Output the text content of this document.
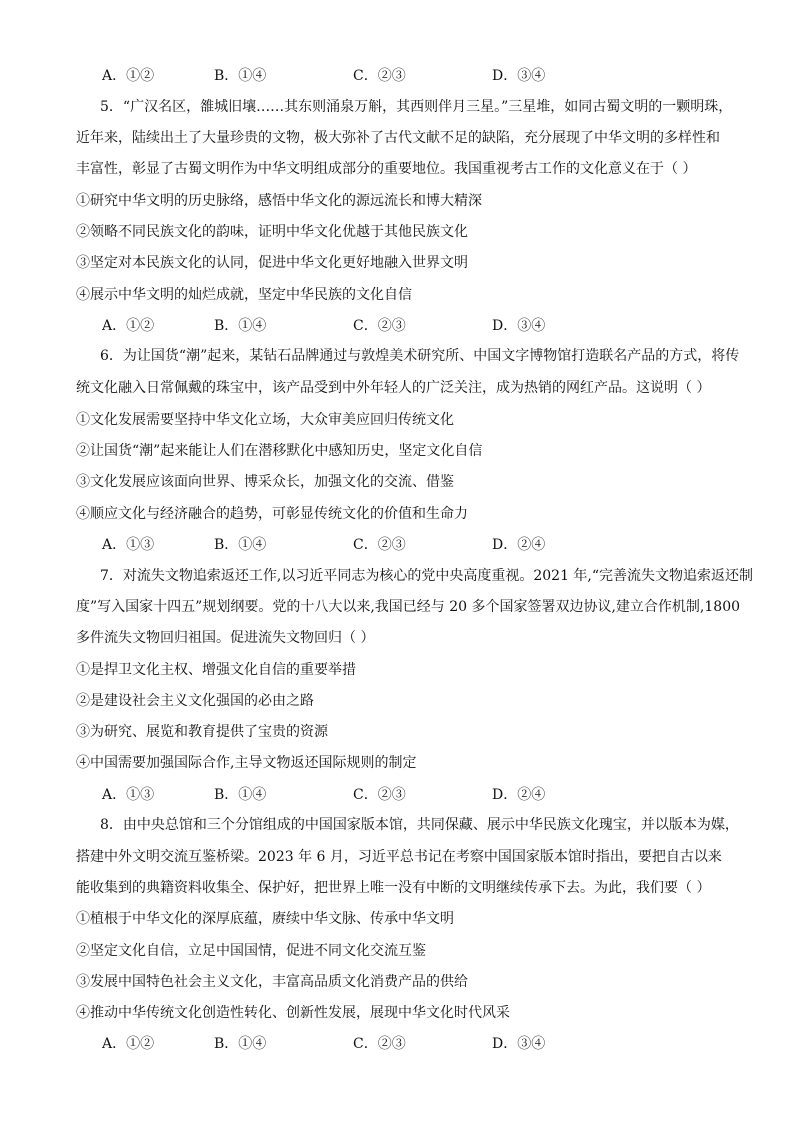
A．①②	B．①④	C．②③	D．③④
5．“广汉名区，雒城旧壤……其东则涌泉万斛，其西则伴月三星。”三星堆，如同古蜀文明的一颗明珠，
近年来，陆续出土了大量珍贵的文物，极大弥补了古代文献不足的缺陷，充分展现了中华文明的多样性和
丰富性，彰显了古蜀文明作为中华文明组成部分的重要地位。我国重视考古工作的文化意义在于（ ）
①研究中华文明的历史脉络，感悟中华文化的源远流长和博大精深
②领略不同民族文化的韵味，证明中华文化优越于其他民族文化
③坚定对本民族文化的认同，促进中华文化更好地融入世界文明
④展示中华文明的灿烂成就，坚定中华民族的文化自信
A．①②	B．①④	C．②③	D．③④
6．为让国货“潮”起来，某钻石品牌通过与敦煌美术研究所、中国文字博物馆打造联名产品的方式，将传
统文化融入日常佩戴的珠宝中，该产品受到中外年轻人的广泛关注，成为热销的网红产品。这说明（ ）
①文化发展需要坚持中华文化立场，大众审美应回归传统文化
②让国货“潮”起来能让人们在潜移默化中感知历史，坚定文化自信
③文化发展应该面向世界、博采众长，加强文化的交流、借鉴
④顺应文化与经济融合的趋势，可彰显传统文化的价值和生命力
A．①③	B．①④	C．②③	D．②④
7．对流失文物追索返还工作,以习近平同志为核心的党中央高度重视。2021 年,“完善流失文物追索返还制
度”写入国家十四五”规划纲要。党的十八大以来,我国已经与 20 多个国家签署双边协议,建立合作机制,1800
多件流失文物回归祖国。促进流失文物回归（ ）
①是捍卫文化主权、增强文化自信的重要举措
②是建设社会主义文化强国的必由之路
③为研究、展览和教育提供了宝贵的资源
④中国需要加强国际合作,主导文物返还国际规则的制定
A．①③	B．①④	C．②③	D．②④
8．由中央总馆和三个分馆组成的中国国家版本馆，共同保藏、展示中华民族文化瑰宝，并以版本为媒，
搭建中外文明交流互鉴桥梁。2023 年 6 月，习近平总书记在考察中国国家版本馆时指出，要把自古以来
能收集到的典籍资料收集全、保护好，把世界上唯一没有中断的文明继续传承下去。为此，我们要（ ）
①植根于中华文化的深厚底蕴，赓续中华文脉、传承中华文明
②坚定文化自信，立足中国国情，促进不同文化交流互鉴
③发展中国特色社会主义文化，丰富高品质文化消费产品的供给
④推动中华传统文化创造性转化、创新性发展，展现中华文化时代风采
A．①②	B．①④	C．②③	D．③④
